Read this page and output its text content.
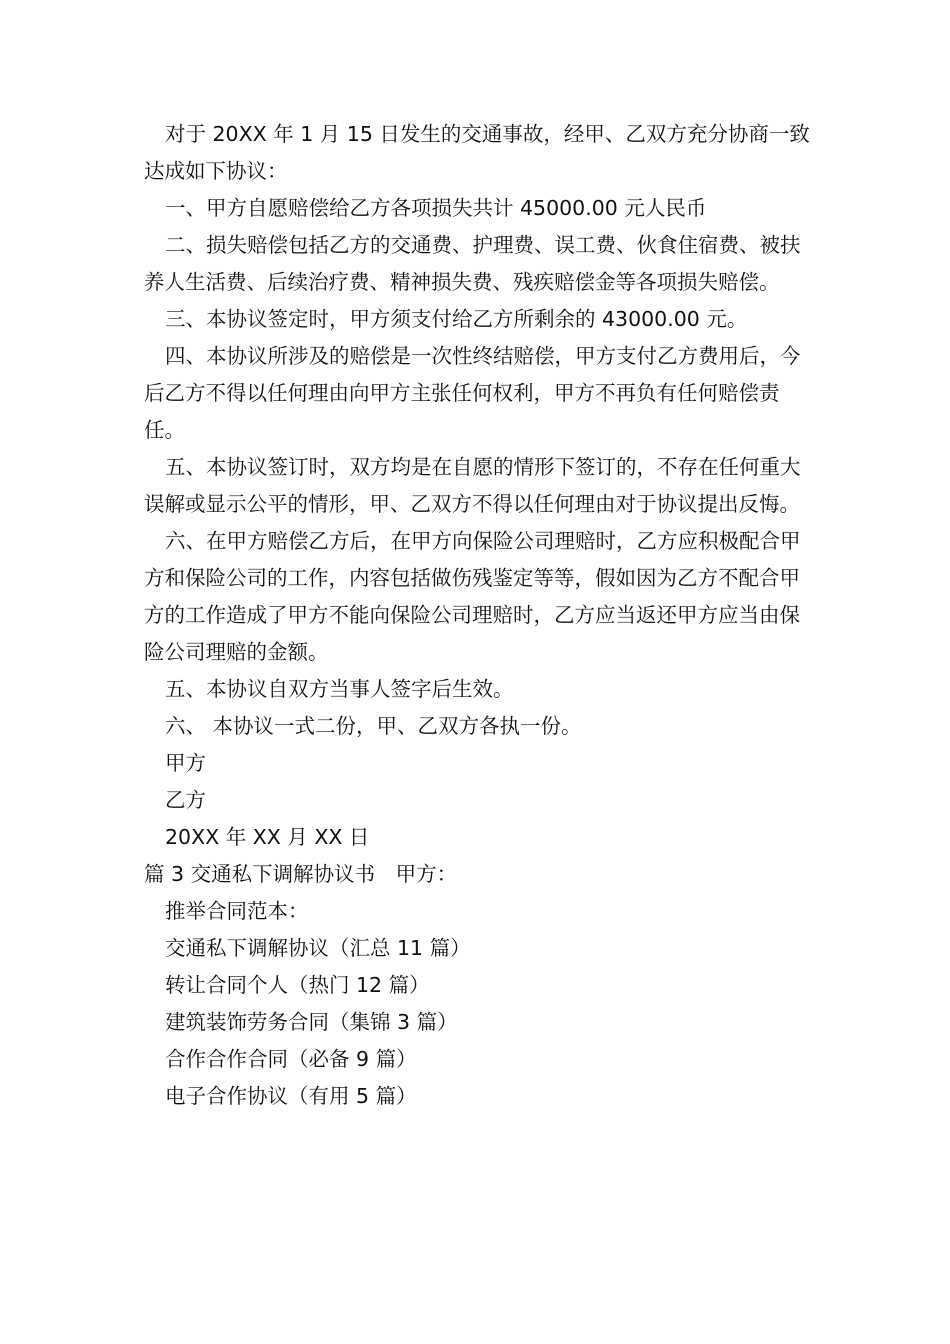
对于 20XX 年 1 月 15 日发生的交通事故，经甲、乙双方充分协商一致达成如下协议：

一、甲方自愿赔偿给乙方各项损失共计 45000.00 元人民币

二、损失赔偿包括乙方的交通费、护理费、误工费、伙食住宿费、被扶养人生活费、后续治疗费、精神损失费、残疾赔偿金等各项损失赔偿。

三、本协议签定时，甲方须支付给乙方所剩余的 43000.00 元。

四、本协议所涉及的赔偿是一次性终结赔偿，甲方支付乙方费用后，今后乙方不得以任何理由向甲方主张任何权利，甲方不再负有任何赔偿责任。

五、本协议签订时，双方均是在自愿的情形下签订的，不存在任何重大误解或显示公平的情形，甲、乙双方不得以任何理由对于协议提出反悔。

六、在甲方赔偿乙方后，在甲方向保险公司理赔时，乙方应积极配合甲方和保险公司的工作，内容包括做伤残鉴定等等，假如因为乙方不配合甲方的工作造成了甲方不能向保险公司理赔时，乙方应当返还甲方应当由保险公司理赔的金额。

五、本协议自双方当事人签字后生效。

六、 本协议一式二份，甲、乙双方各执一份。

甲方

乙方

20XX 年 XX 月 XX 日

篇 3 交通私下调解协议书　甲方：

推举合同范本：

交通私下调解协议（汇总 11 篇）

转让合同个人（热门 12 篇）

建筑装饰劳务合同（集锦 3 篇）

合作合作合同（必备 9 篇）

电子合作协议（有用 5 篇）
